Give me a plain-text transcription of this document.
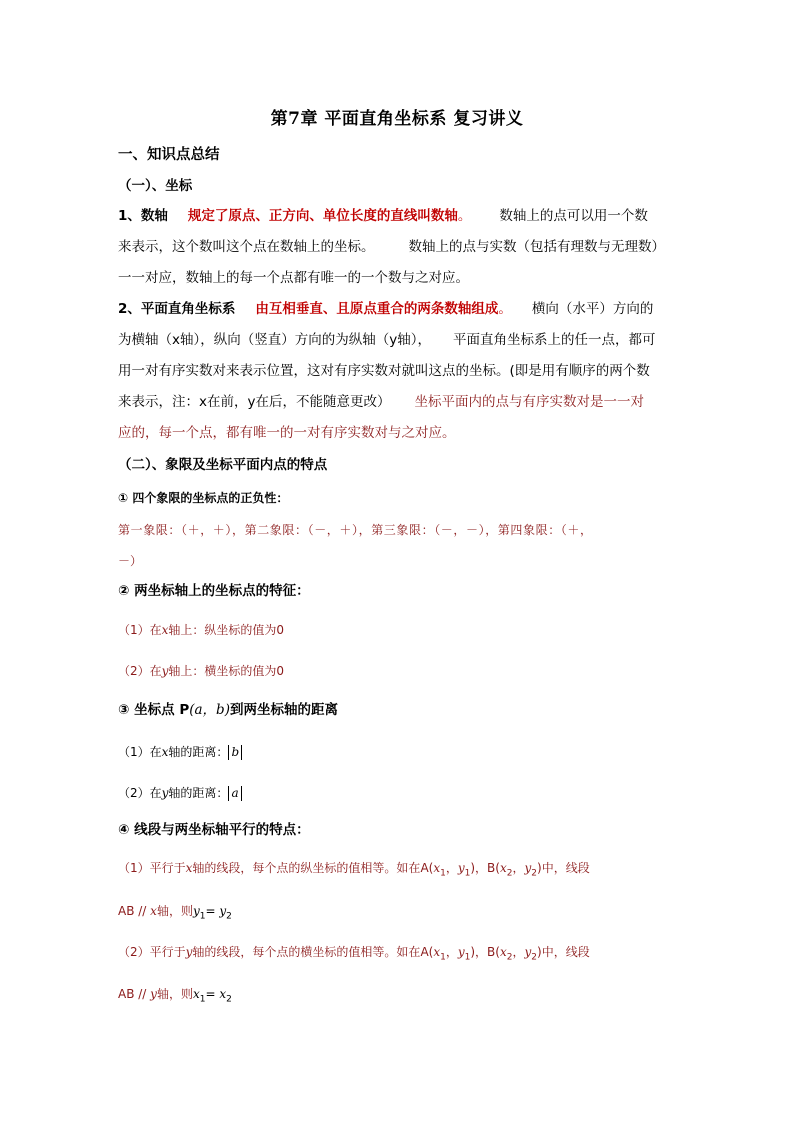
第7章 平面直角坐标系 复习讲义
一、知识点总结
（一）、坐标
1、数轴 规定了原点、正方向、单位长度的直线叫数轴。 数轴上的点可以用一个数
来表示，这个数叫这个点在数轴上的坐标。	数轴上的点与实数（包括有理数与无理数）
一一对应，数轴上的每一个点都有唯一的一个数与之对应。
2、平面直角坐标系 由互相垂直、且原点重合的两条数轴组成。 横向（水平）方向的
为横轴（x轴），纵向（竖直）方向的为纵轴（y轴）， 平面直角坐标系上的任一点，都可
用一对有序实数对来表示位置，这对有序实数对就叫这点的坐标。(即是用有顺序的两个数
来表示，注：x在前，y在后，不能随意更改） 坐标平面内的点与有序实数对是一一对
应的，每一个点，都有唯一的一对有序实数对与之对应。
（二）、象限及坐标平面内点的特点
① 四个象限的坐标点的正负性：
第一象限：（＋，＋），第二象限：（－，＋），第三象限：（－，－），第四象限：（＋，
－）
② 两坐标轴上的坐标点的特征：
（1）在x轴上：纵坐标的值为0
（2）在y轴上：横坐标的值为0
③ 坐标点 P(a，b)到两坐标轴的距离
（1）在x轴的距离： b
（2）在y轴的距离： a
④ 线段与两坐标轴平行的特点：
（1）平行于x轴的线段，每个点的纵坐标的值相等。如在$A(x_1$，$y_1$)，$B(x_2$，$y_2$)中，线段
AB // x轴，则$y_1= y_2$
（2）平行于y轴的线段，每个点的横坐标的值相等。如在$A(x_1$，$y_1$)，$B(x_2$，$y_2$)中，线段
AB // y轴，则$x_1= x_2$
